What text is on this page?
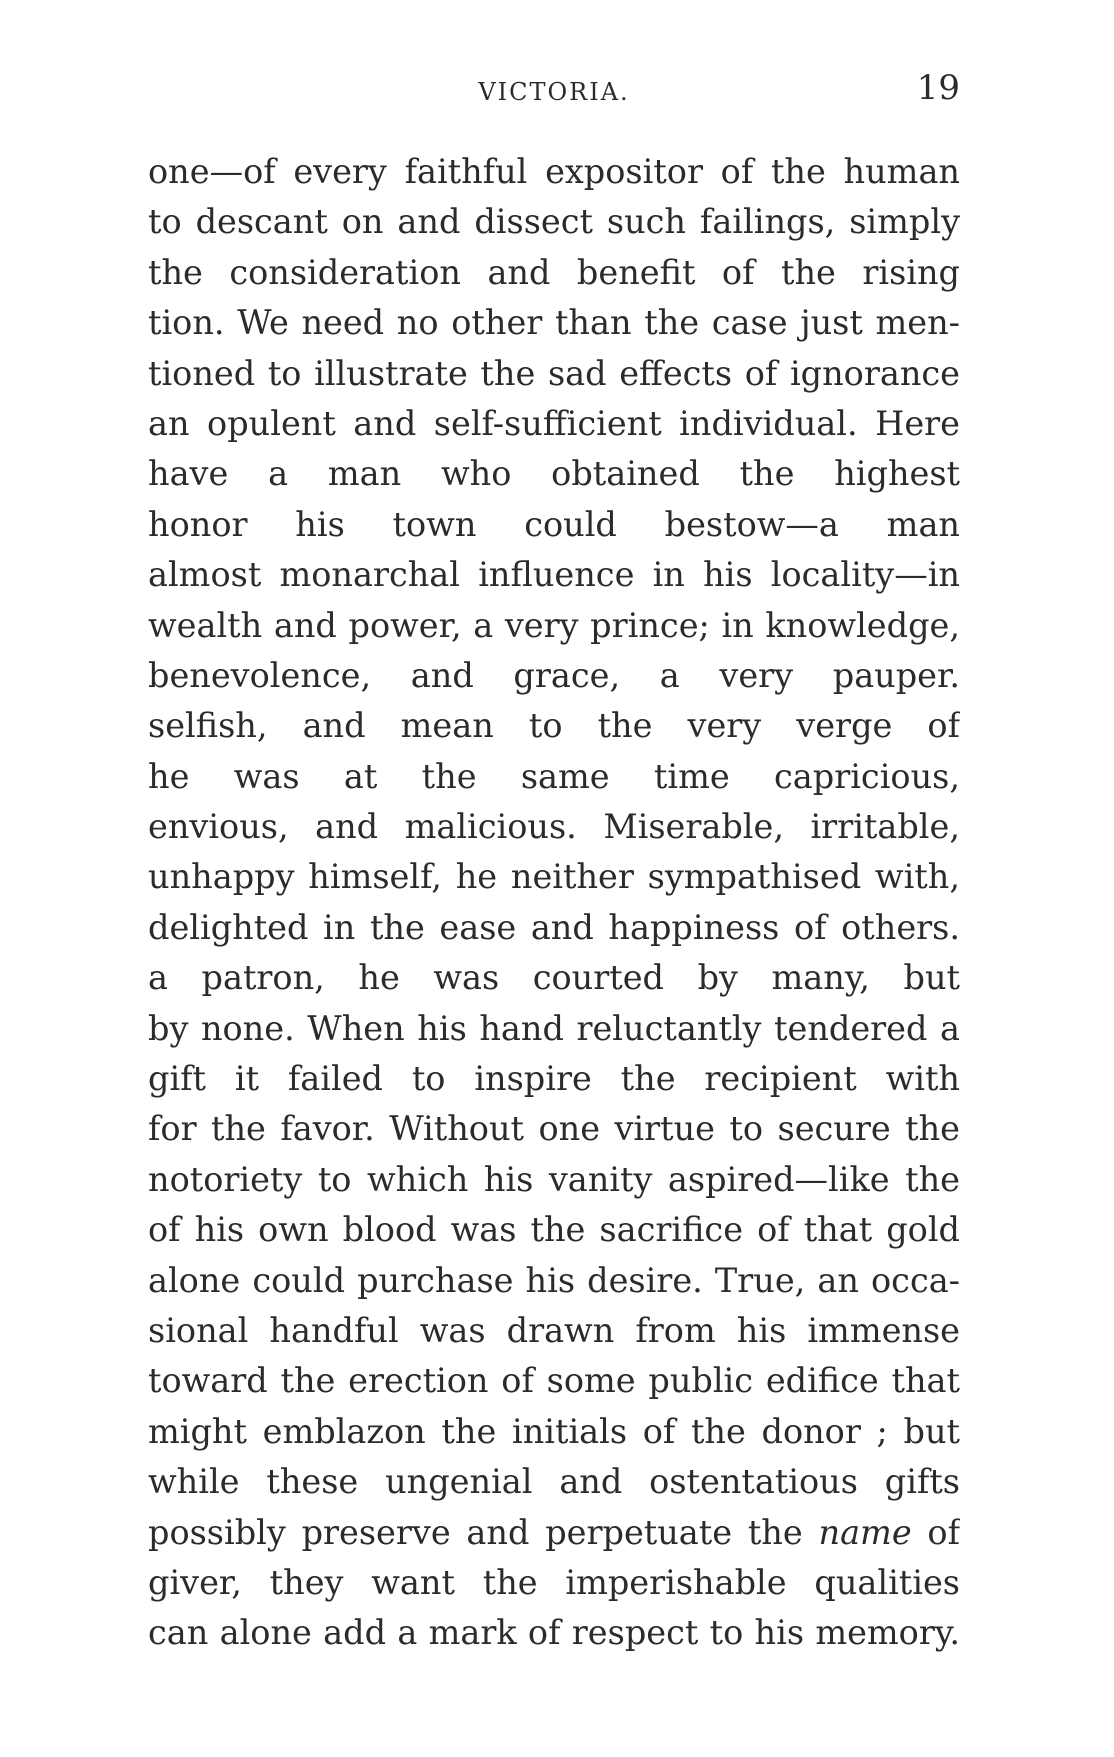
VICTORIA.	19
one—of every faithful expositor of the human
to descant on and dissect such failings, simply
the consideration and benefit of the rising
tion. We need no other than the case just men-
tioned to illustrate the sad effects of ignorance
an opulent and self-sufficient individual. Here
have a man who obtained the highest
honor his town could bestow—a man
almost monarchal influence in his locality—in
wealth and power, a very prince; in knowledge,
benevolence, and grace, a very pauper.
selfish, and mean to the very verge of
he was at the same time capricious,
envious, and malicious. Miserable, irritable,
unhappy himself, he neither sympathised with,
delighted in the ease and happiness of others.
a patron, he was courted by many, but
by none. When his hand reluctantly tendered a
gift it failed to inspire the recipient with
for the favor. Without one virtue to secure the
notoriety to which his vanity aspired—like the
of his own blood was the sacrifice of that gold
alone could purchase his desire. True, an occa-
sional handful was drawn from his immense
toward the erection of some public edifice that
might emblazon the initials of the donor ; but
while these ungenial and ostentatious gifts
possibly preserve and perpetuate the name of
giver, they want the imperishable qualities
can alone add a mark of respect to his memory.
